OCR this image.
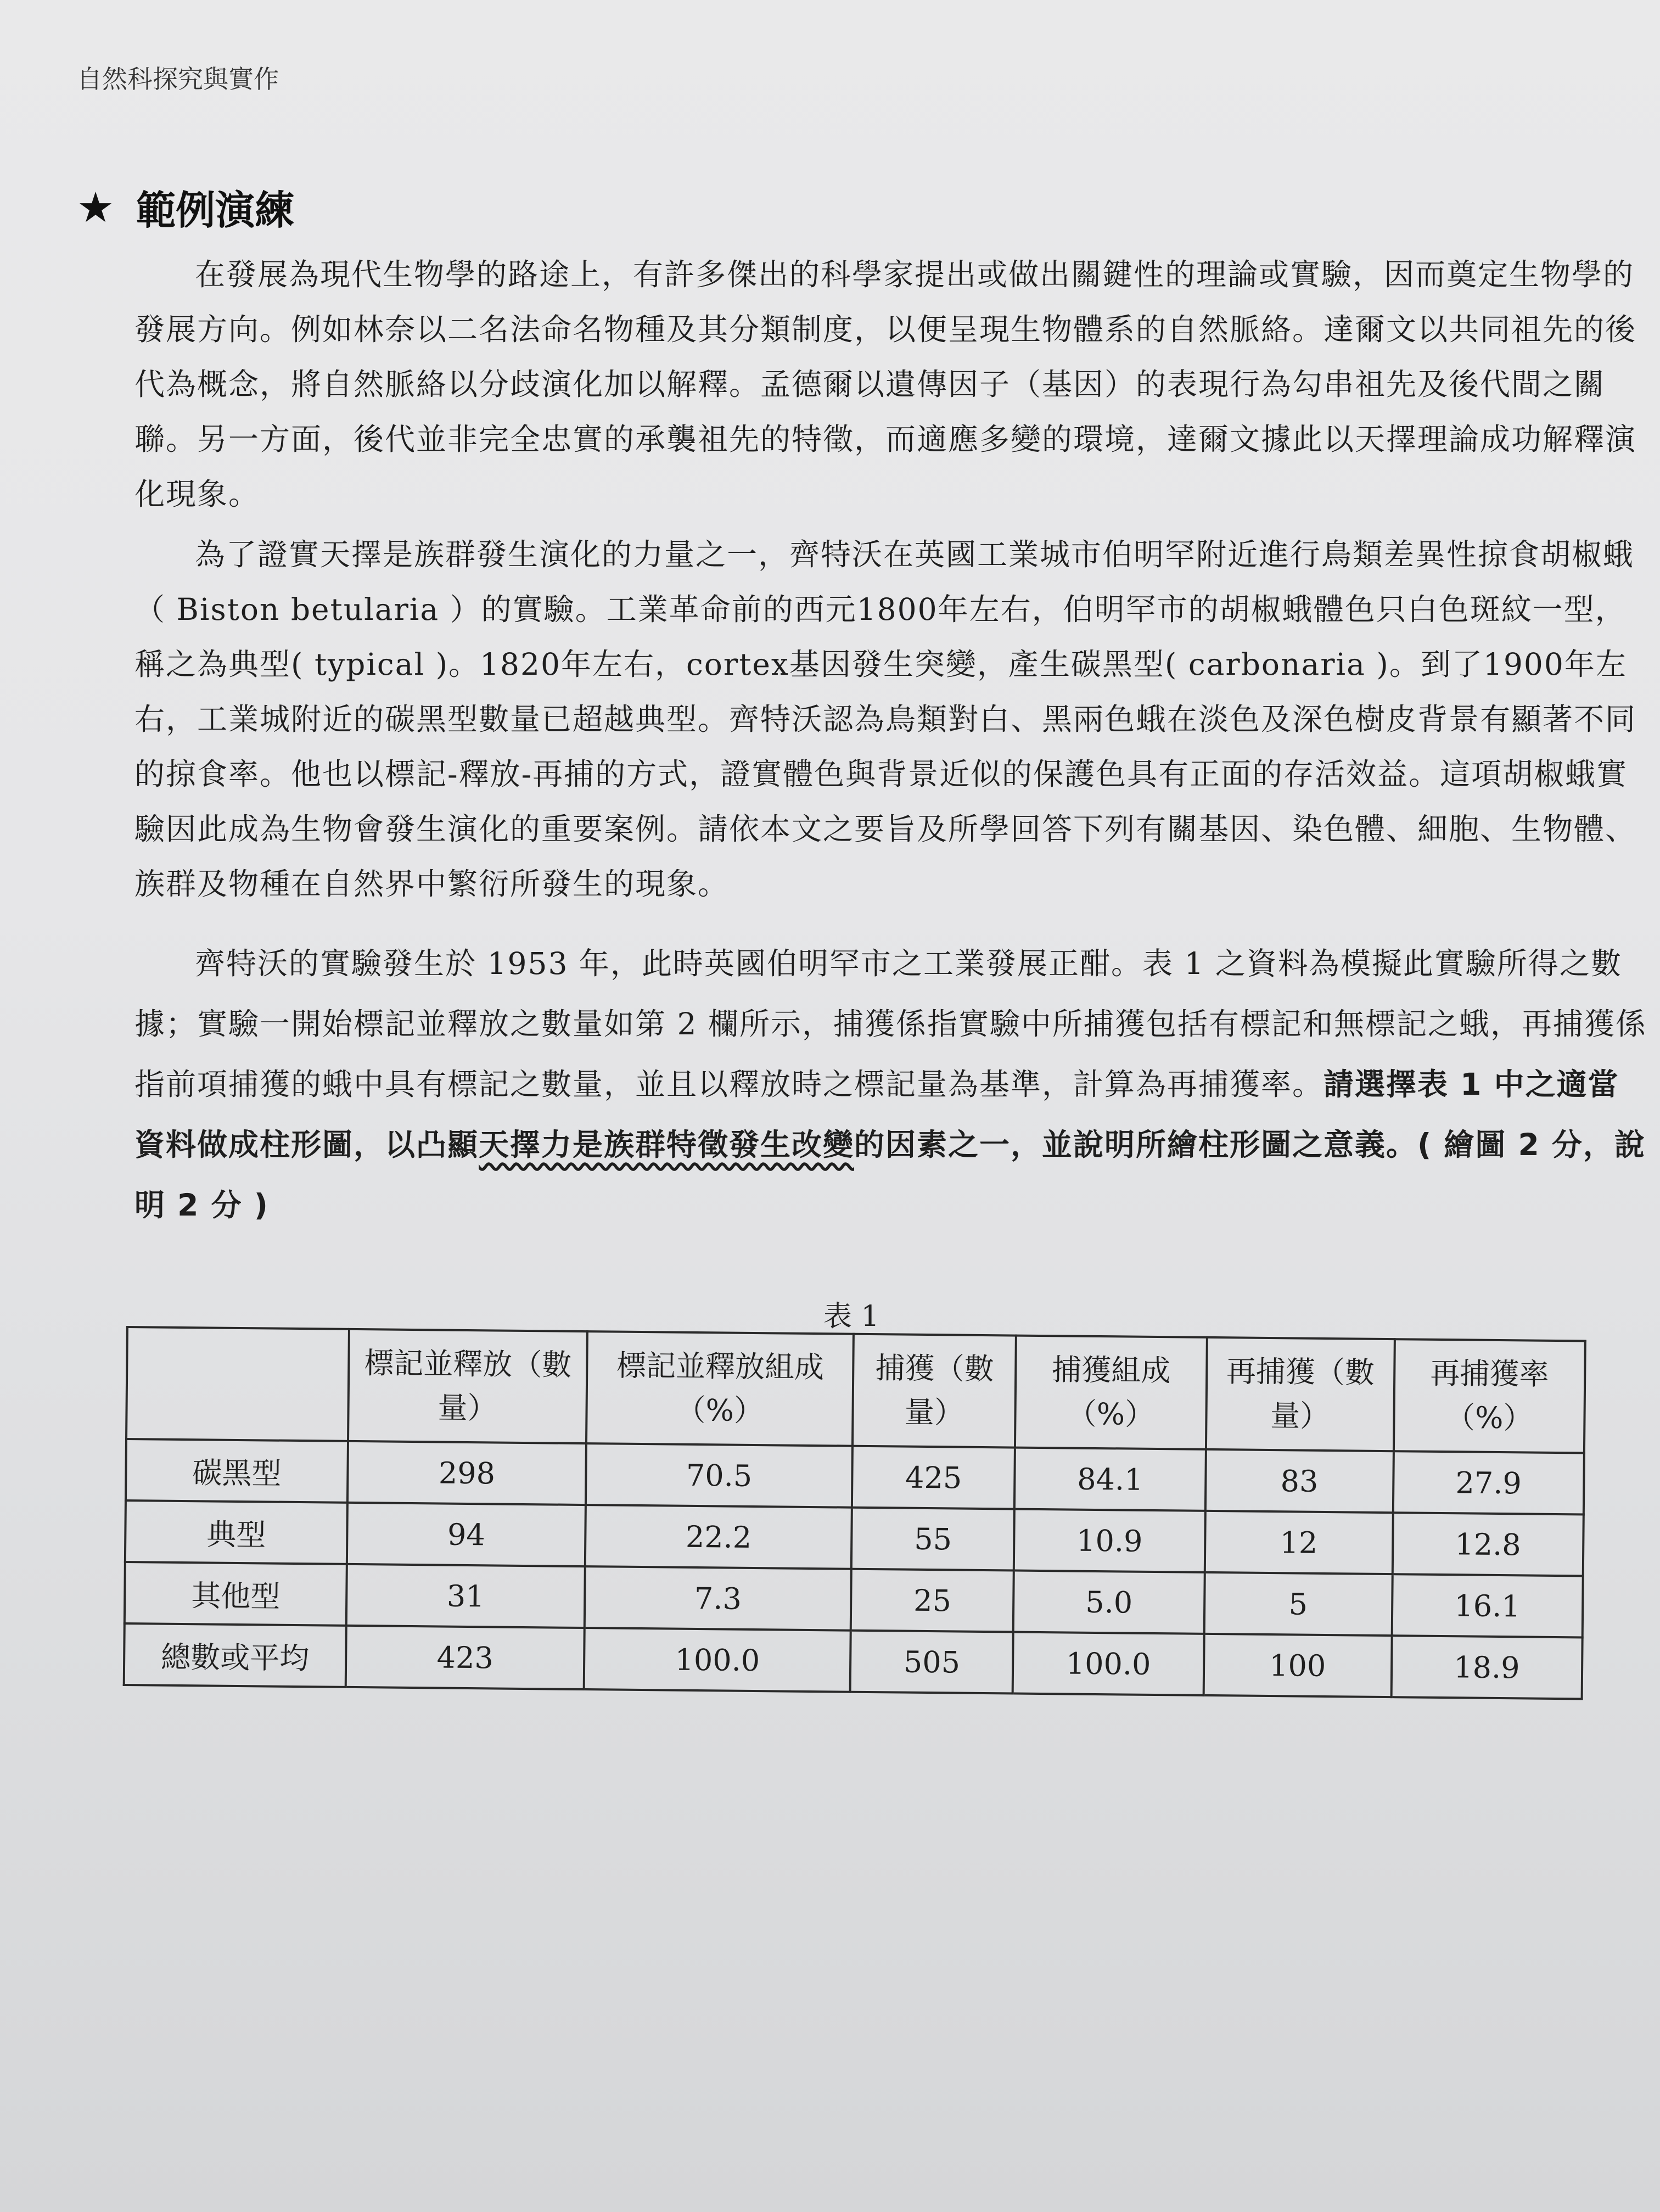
自然科探究與實作
★ 範例演練

在發展為現代生物學的路途上，有許多傑出的科學家提出或做出關鍵性的理論或實驗，因而奠定生物學的發展方向。例如林奈以二名法命名物種及其分類制度，以便呈現生物體系的自然脈絡。達爾文以共同祖先的後代為概念，將自然脈絡以分歧演化加以解釋。孟德爾以遺傳因子（基因）的表現行為勾串祖先及後代間之關聯。另一方面，後代並非完全忠實的承襲祖先的特徵，而適應多變的環境，達爾文據此以天擇理論成功解釋演化現象。

為了證實天擇是族群發生演化的力量之一，齊特沃在英國工業城市伯明罕附近進行鳥類差異性掠食胡椒蛾（ Biston betularia ）的實驗。工業革命前的西元1800年左右，伯明罕市的胡椒蛾體色只白色斑紋一型，稱之為典型( typical )。1820年左右，cortex基因發生突變，產生碳黑型( carbonaria )。到了1900年左右，工業城附近的碳黑型數量已超越典型。齊特沃認為鳥類對白、黑兩色蛾在淡色及深色樹皮背景有顯著不同的掠食率。他也以標記-釋放-再捕的方式，證實體色與背景近似的保護色具有正面的存活效益。這項胡椒蛾實驗因此成為生物會發生演化的重要案例。請依本文之要旨及所學回答下列有關基因、染色體、細胞、生物體、族群及物種在自然界中繁衍所發生的現象。

齊特沃的實驗發生於 1953 年，此時英國伯明罕市之工業發展正酣。表 1 之資料為模擬此實驗所得之數據；實驗一開始標記並釋放之數量如第 2 欄所示，捕獲係指實驗中所捕獲包括有標記和無標記之蛾，再捕獲係指前項捕獲的蛾中具有標記之數量，並且以釋放時之標記量為基準，計算為再捕獲率。請選擇表 1 中之適當資料做成柱形圖，以凸顯天擇力是族群特徵發生改變的因素之一，並說明所繪柱形圖之意義。( 繪圖 2 分，說明 2 分 )

表 1
	標記並釋放（數量）	標記並釋放組成（%）	捕獲（數量）	捕獲組成（%）	再捕獲（數量）	再捕獲率（%）
碳黑型	298	70.5	425	84.1	83	27.9
典型	94	22.2	55	10.9	12	12.8
其他型	31	7.3	25	5.0	5	16.1
總數或平均	423	100.0	505	100.0	100	18.9
